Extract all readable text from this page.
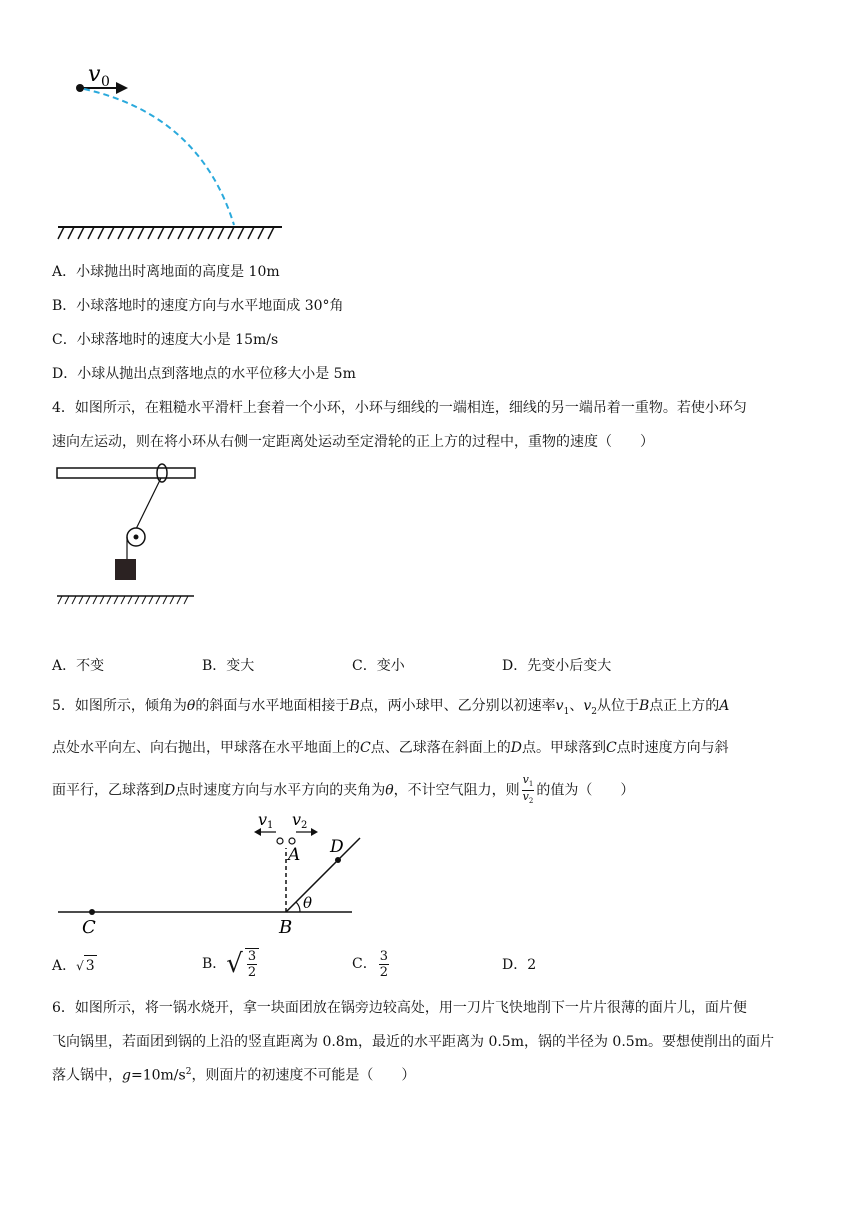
v 0
A．小球抛出时离地面的高度是 10m
B．小球落地时的速度方向与水平地面成 30°角
C．小球落地时的速度大小是 15m/s
D．小球从抛出点到落地点的水平位移大小是 5m
4．如图所示，在粗糙水平滑杆上套着一个小环，小环与细线的一端相连，细线的另一端吊着一重物。若使小环匀
速向左运动，则在将小环从右侧一定距离处运动至定滑轮的正上方的过程中，重物的速度（　　）
A．不变	B．变大	C．变小	D．先变小后变大
5．如图所示，倾角为θ的斜面与水平地面相接于B点，两小球甲、乙分别以初速率$v_1$、$v_2$从位于B点正上方的A
点处水平向左、向右抛出，甲球落在水平地面上的C点、乙球落在斜面上的D点。甲球落到C点时速度方向与斜
面平行，乙球落到D点时速度方向与水平方向的夹角为θ，不计空气阻力，则 $\frac{v_1}{v_2}$ 的值为（　　）
v 1 v 2
A D
C	B
θ
A．√ 3	B．√ $\frac{3}{2}$	C． $\frac{3}{2}$	D．2
6．如图所示，将一锅水烧开，拿一块面团放在锅旁边较高处，用一刀片飞快地削下一片片很薄的面片儿，面片便
飞向锅里，若面团到锅的上沿的竖直距离为 0.8m，最近的水平距离为 0.5m，锅的半径为 0.5m。要想使削出的面片
落人锅中，$g=10m/s^2$，则面片的初速度不可能是（　　）
